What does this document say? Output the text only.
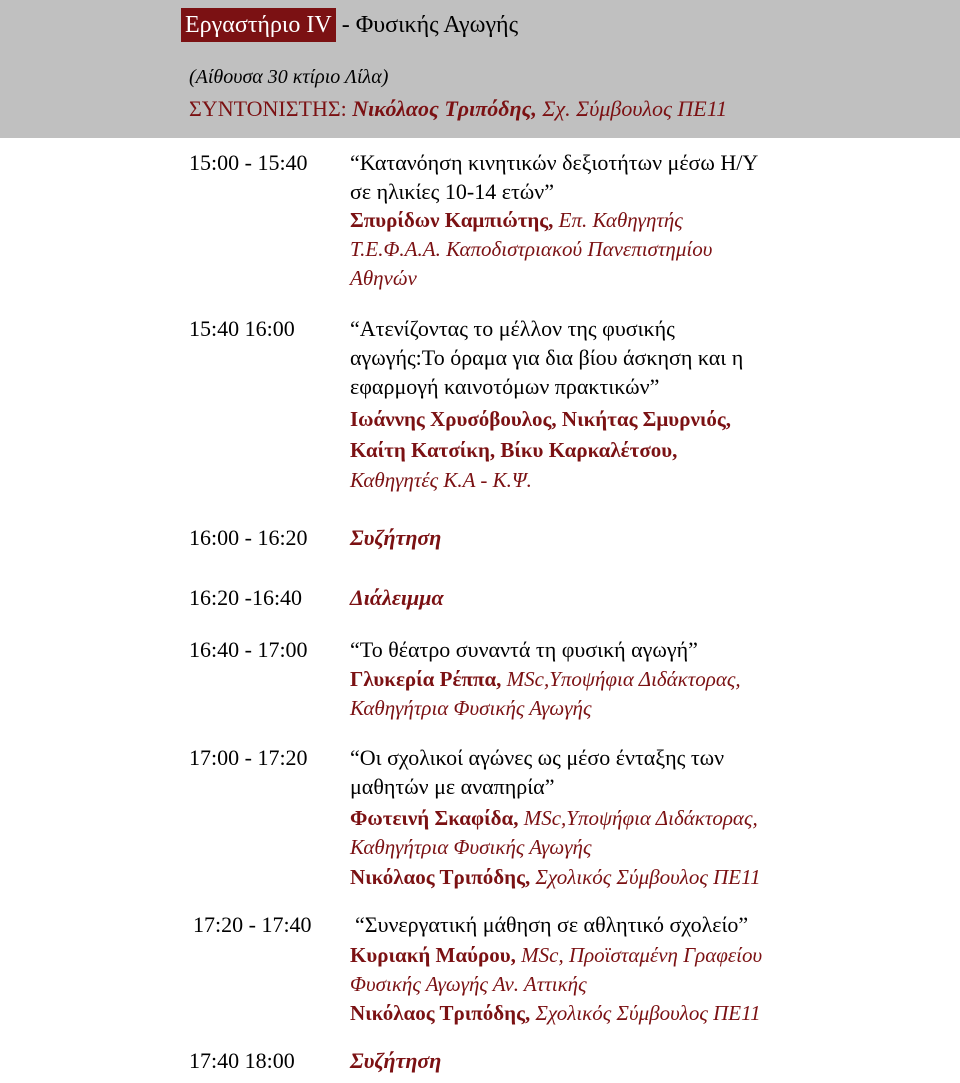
Εργαστήριο IV - Φυσικής Αγωγής
(Αίθουσα 30 κτίριο Λίλα)
ΣΥΝΤΟΝΙΣΤΗΣ: Νικόλαος Τριπόδης, Σχ. Σύμβουλος ΠΕ11
15:00 - 15:40 “Κατανόηση κινητικών δεξιοτήτων μέσω Η/Υ
σε ηλικίες 10-14 ετών”
Σπυρίδων Καμπιώτης, Επ. Καθηγητής
Τ.Ε.Φ.Α.Α. Καποδιστριακού Πανεπιστημίου
Αθηνών
15:40 16:00	“Ατενίζοντας το μέλλον της φυσικής
αγωγής:Το όραμα για δια βίου άσκηση και η
εφαρμογή καινοτόμων πρακτικών”
Ιωάννης Χρυσόβουλος, Νικήτας Σμυρνιός,
Καίτη Κατσίκη, Βίκυ Καρκαλέτσου,
Καθηγητές Κ.Α - Κ.Ψ.
16:00 - 16:20 Συζήτηση
16:20 -16:40 Διάλειμμα
16:40 - 17:00 “Το θέατρο συναντά τη φυσική αγωγή”
Γλυκερία Ρέππα, MSc,Υποψήφια Διδάκτορας,
Καθηγήτρια Φυσικής Αγωγής
17:00 - 17:20 “Οι σχολικοί αγώνες ως μέσο ένταξης των
μαθητών με αναπηρία”
Φωτεινή Σκαφίδα, MSc,Υποψήφια Διδάκτορας,
Καθηγήτρια Φυσικής Αγωγής
Νικόλαος Τριπόδης, Σχολικός Σύμβουλος ΠΕ11
17:20 - 17:40 “Συνεργατική μάθηση σε αθλητικό σχολείο”
Κυριακή Μαύρου, MSc, Προϊσταμένη Γραφείου
Φυσικής Αγωγής Αν. Αττικής
Νικόλαος Τριπόδης, Σχολικός Σύμβουλος ΠΕ11
17:40 18:00	Συζήτηση
